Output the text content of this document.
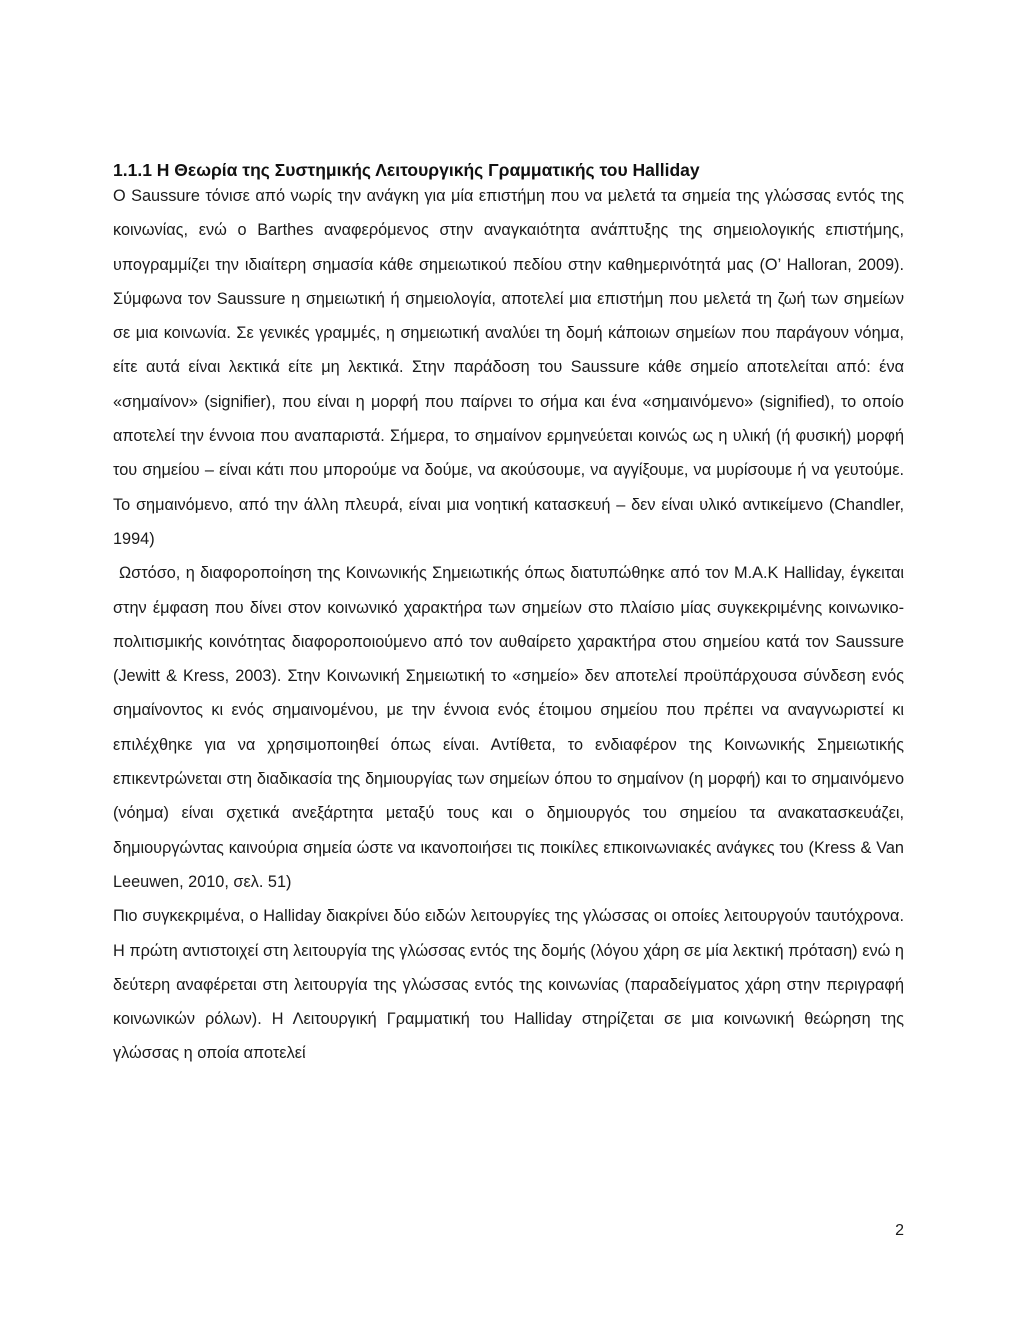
1.1.1 Η Θεωρία της Συστημικής Λειτουργικής Γραμματικής του Halliday

Ο Saussure τόνισε από νωρίς την ανάγκη για μία επιστήμη που να μελετά τα σημεία της γλώσσας εντός της κοινωνίας, ενώ ο Barthes αναφερόμενος στην αναγκαιότητα ανάπτυξης της σημειολογικής επιστήμης, υπογραμμίζει την ιδιαίτερη σημασία κάθε σημειωτικού πεδίου στην καθημερινότητά μας (O’ Halloran, 2009). Σύμφωνα τον Saussure η σημειωτική ή σημειολογία, αποτελεί μια επιστήμη που μελετά τη ζωή των σημείων σε μια κοινωνία. Σε γενικές γραμμές, η σημειωτική αναλύει τη δομή κάποιων σημείων που παράγουν νόημα, είτε αυτά είναι λεκτικά είτε μη λεκτικά. Στην παράδοση του Saussure κάθε σημείο αποτελείται από: ένα «σημαίνον» (signifier), που είναι η μορφή που παίρνει το σήμα και ένα «σημαινόμενο» (signified), το οποίο αποτελεί την έννοια που αναπαριστά. Σήμερα, το σημαίνον ερμηνεύεται κοινώς ως η υλική (ή φυσική) μορφή του σημείου – είναι κάτι που μπορούμε να δούμε, να ακούσουμε, να αγγίξουμε, να μυρίσουμε ή να γευτούμε. Το σημαινόμενο, από την άλλη πλευρά, είναι μια νοητική κατασκευή – δεν είναι υλικό αντικείμενο (Chandler, 1994)

Ωστόσο, η διαφοροποίηση της Κοινωνικής Σημειωτικής όπως διατυπώθηκε από τον M.A.K Halliday, έγκειται στην έμφαση που δίνει στον κοινωνικό χαρακτήρα των σημείων στο πλαίσιο μίας συγκεκριμένης κοινωνικο-πολιτισμικής κοινότητας διαφοροποιούμενο από τον αυθαίρετο χαρακτήρα στου σημείου κατά τον Saussure (Jewitt & Kress, 2003). Στην Κοινωνική Σημειωτική το «σημείο» δεν αποτελεί προϋπάρχουσα σύνδεση ενός σημαίνοντος κι ενός σημαινομένου, με την έννοια ενός έτοιμου σημείου που πρέπει να αναγνωριστεί κι επιλέχθηκε για να χρησιμοποιηθεί όπως είναι. Αντίθετα, το ενδιαφέρον της Κοινωνικής Σημειωτικής επικεντρώνεται στη διαδικασία της δημιουργίας των σημείων όπου το σημαίνον (η μορφή) και το σημαινόμενο (νόημα) είναι σχετικά ανεξάρτητα μεταξύ τους και ο δημιουργός του σημείου τα ανακατασκευάζει, δημιουργώντας καινούρια σημεία ώστε να ικανοποιήσει τις ποικίλες επικοινωνιακές ανάγκες του (Kress & Van Leeuwen, 2010, σελ. 51)

Πιο συγκεκριμένα, ο Halliday διακρίνει δύο ειδών λειτουργίες της γλώσσας οι οποίες λειτουργούν ταυτόχρονα. Η πρώτη αντιστοιχεί στη λειτουργία της γλώσσας εντός της δομής (λόγου χάρη σε μία λεκτική πρόταση) ενώ η δεύτερη αναφέρεται στη λειτουργία της γλώσσας εντός της κοινωνίας (παραδείγματος χάρη στην περιγραφή κοινωνικών ρόλων). Η Λειτουργική Γραμματική του Halliday στηρίζεται σε μια κοινωνική θεώρηση της γλώσσας η οποία αποτελεί

2
